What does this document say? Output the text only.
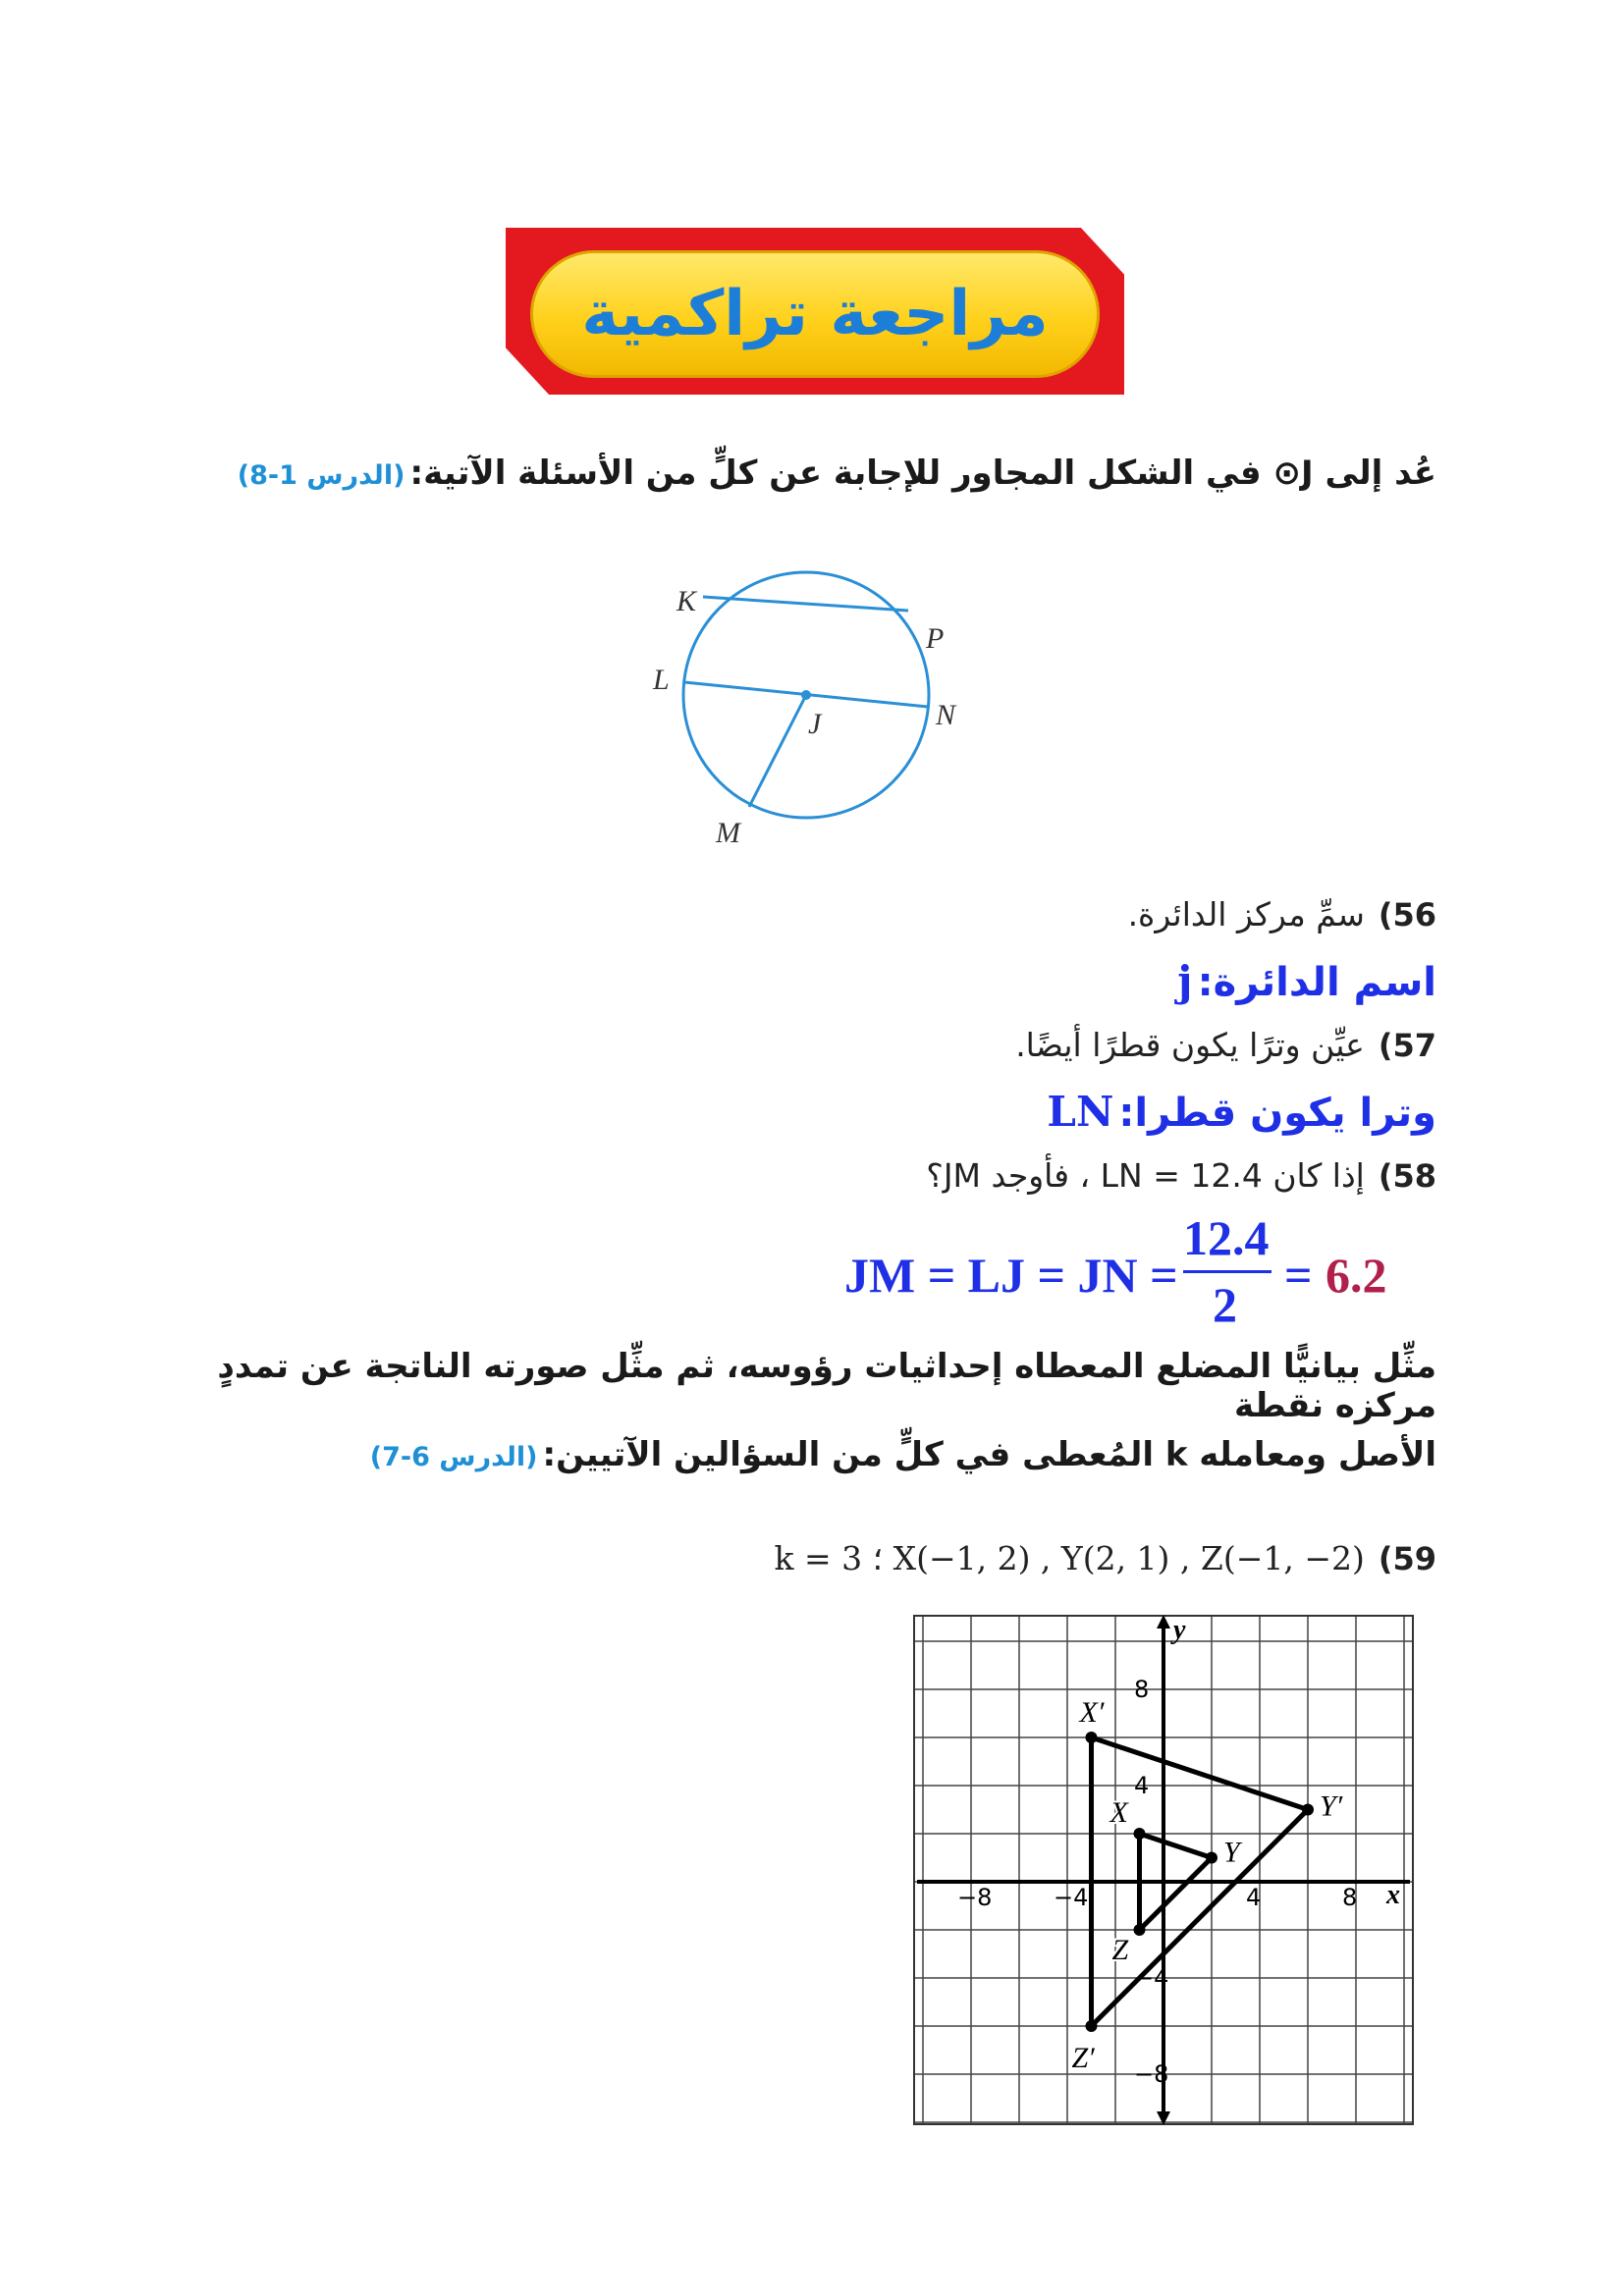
مراجعة تراكمية
عُد إلى J⊙ في الشكل المجاور للإجابة عن كلٍّ من الأسئلة الآتية: (الدرس 1-8)
K
P
L
N
J
M
56)سمِّ مركز الدائرة.
اسم الدائرة: j
57)عيِّن وترًا يكون قطرًا أيضًا.
وترا يكون قطرا: LN
58)إذا كان LN = 12.4 ، فأوجد JM؟
JM = LJ = JN =
12.4
2
= 6.2
مثِّل بيانيًّا المضلع المعطاه إحداثيات رؤوسه، ثم مثِّل صورته الناتجة عن تمددٍ مركزه نقطة
الأصل ومعامله k المُعطى في كلٍّ من السؤالين الآتيين: (الدرس 6-7)
59)X(−1, 2) , Y(2, 1) , Z(−1, −2) ؛ k = 3
y
x
−8	−4	4	8
8
4
−4
−8
X
Y
Z
X′
Y′
Z′
